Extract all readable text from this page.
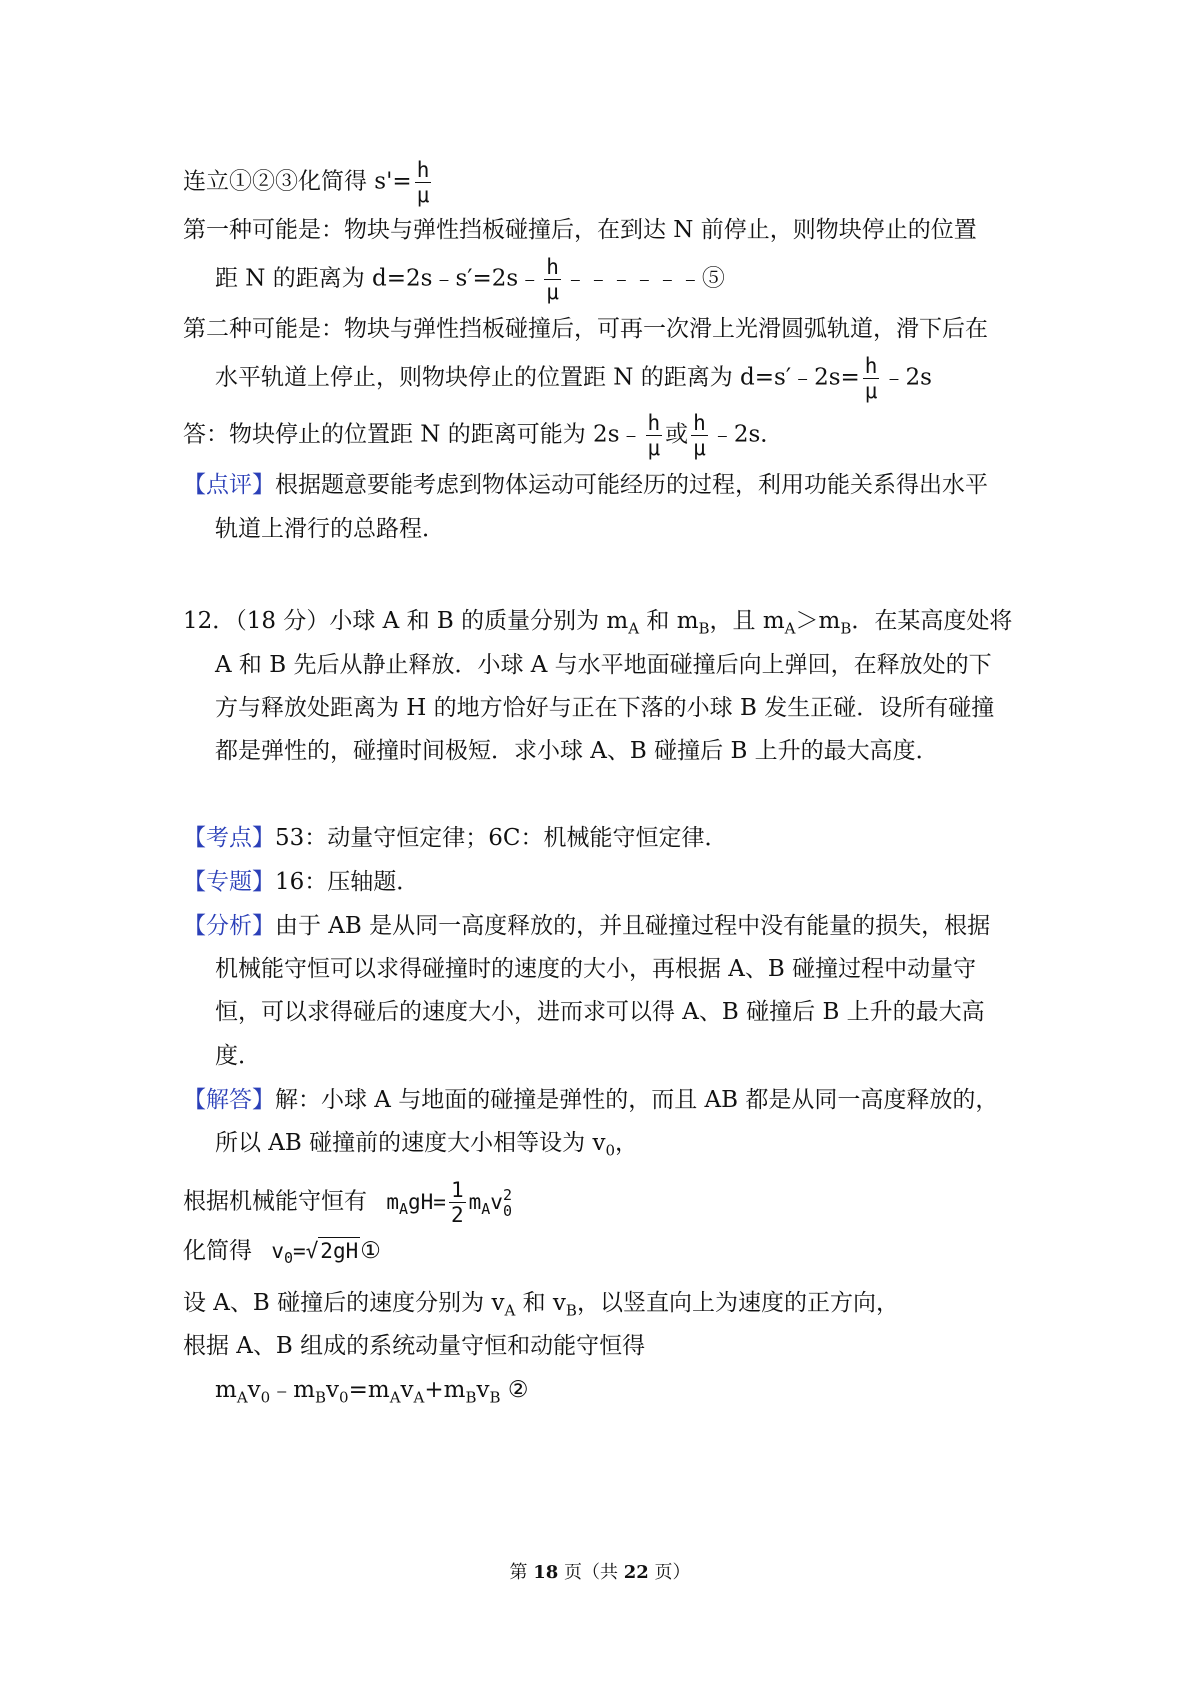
连立①②③化简得 $s'= \frac{h}{\mu}$
第一种可能是：物块与弹性挡板碰撞后，在到达 N 前停止，则物块停止的位置
距 N 的距离为 d=2s﹣s′=2s﹣ $\frac{h}{\mu}$ ﹣﹣﹣﹣﹣﹣⑤
第二种可能是：物块与弹性挡板碰撞后，可再一次滑上光滑圆弧轨道，滑下后在
水平轨道上停止，则物块停止的位置距 N 的距离为 d=s′﹣2s= $\frac{h}{\mu}$ ﹣2s
答：物块停止的位置距 N 的距离可能为 2s﹣ $\frac{h}{\mu}$ 或 $\frac{h}{\mu}$ ﹣2s．
【点评】根据题意要能考虑到物体运动可能经历的过程，利用功能关系得出水平
轨道上滑行的总路程．
12．（18 分）小球 A 和 B 的质量分别为 $m_A$ 和 $m_B$，且 $m_A>m_B$．在某高度处将
A 和 B 先后从静止释放．小球 A 与水平地面碰撞后向上弹回，在释放处的下
方与释放处距离为 H 的地方恰好与正在下落的小球 B 发生正碰．设所有碰撞
都是弹性的，碰撞时间极短．求小球 A、B 碰撞后 B 上升的最大高度．
【考点】53：动量守恒定律；6C：机械能守恒定律．
【专题】16：压轴题．
【分析】由于 AB 是从同一高度释放的，并且碰撞过程中没有能量的损失，根据
机械能守恒可以求得碰撞时的速度的大小，再根据 A、B 碰撞过程中动量守
恒，可以求得碰后的速度大小，进而求可以得 A、B 碰撞后 B 上升的最大高
度．
【解答】解：小球 A 与地面的碰撞是弹性的，而且 AB 都是从同一高度释放的，
所以 AB 碰撞前的速度大小相等设为 $v_0$，
根据机械能守恒有 $m_AgH= \frac{1}{2} m_Av$ 2
0
化简得 $v_0=√2gH①$
设 A、B 碰撞后的速度分别为 $v_A$ 和 $v_B$，以竖直向上为速度的正方向，
根据 A、B 组成的系统动量守恒和动能守恒得
$m_Av_0﹣m_Bv_0=m_Av_A+m_Bv_B$ ②
第 18 页（共 22 页）
